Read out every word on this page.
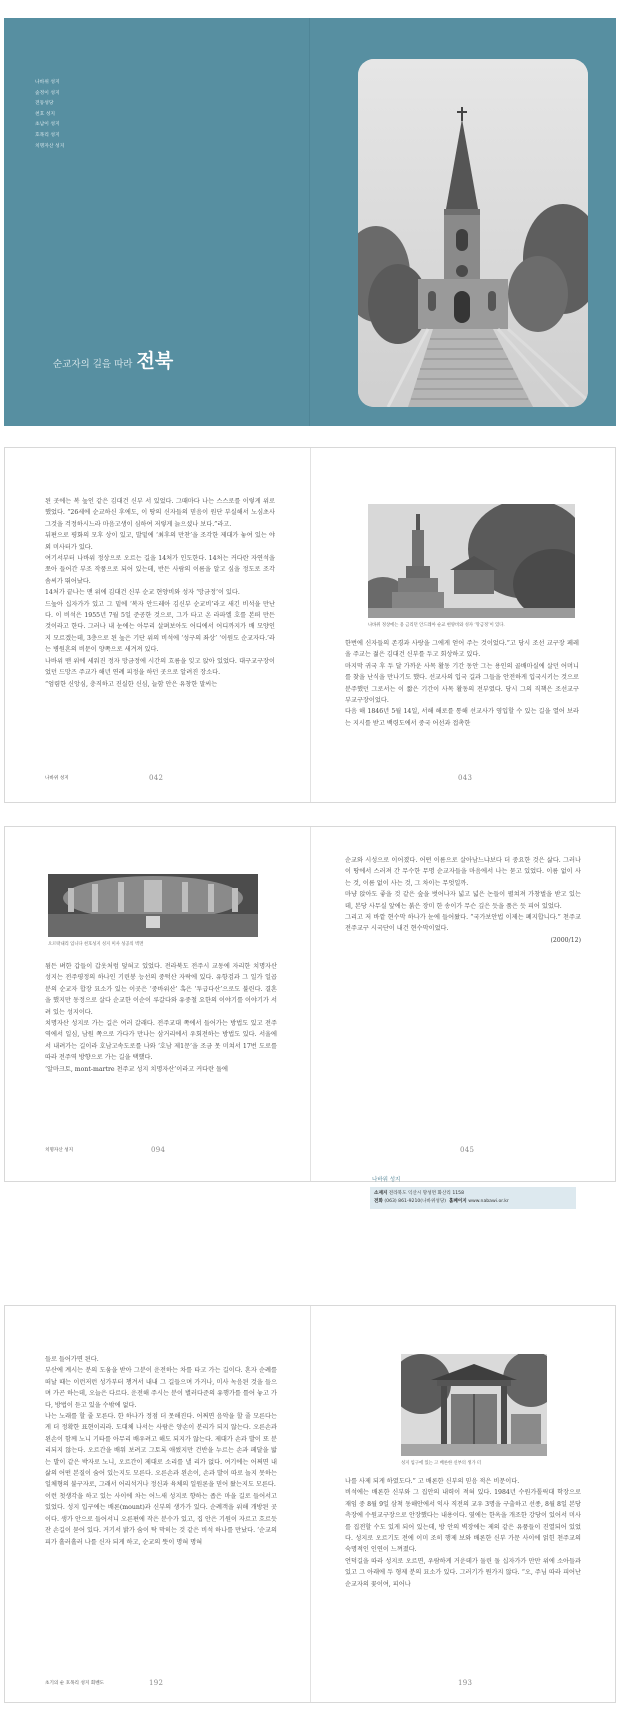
나바위 성지
숲정이 성지
전동성당
천호 성지
초남이 성지
호목리 성지
치명자산 성지
순교자의 길을 따라 전북

된 곳에는 복 높인 같은 김대건 신부 서 있었다. 그때마다 나는 스스로를 이렇게 위로했었다. “26세에 순교하신 후에도, 이 땅의 신자들의 믿음이 원단 부실해서 노심초사 그것을 걱정하시느라 마음고생이 심하여 저렇게 늙으셨나 보다.”라고.

뒤편으로 평화의 모후 상이 있고, 발밑에 ‘최후의 만찬’을 조각한 제대가 놓여 있는 야외 미사터가 있다.

여기서부터 나바위 정상으로 오르는 길을 14처가 인도한다. 14처는 커다란 자연석을 쪼아 들어간 부조 작품으로 되어 있는데, 반든 사람의 이름을 알고 싶을 정도로 조각 솜씨가 뛰어났다.

14처가 끝나는 맨 위에 김대건 신부 순교 현양비와 성자 ‘망금정’이 있다.

드높아 십자가가 있고 그 밑에 ‘복자 안드레아 김신부 순교비’라고 새긴 비석을 만난다. 이 비석은 1955년 7월 5일 준공한 것으로, 그가 타고 온 라파엘 호를 본떠 만든 것이라고 한다. 그러나 내 눈에는 아무리 살펴보아도 어디에서 어디까지가 배 모양인지 모르겠는데, 3층으로 된 높은 기단 위의 비석에 ‘성구의 좌상’ ‘이원도 순교자다.’라는 병원흔의 비문이 양쪽으로 새겨져 있다.

나바위 맨 위에 세워진 정자 망금정에 시간의 흐름을 잊고 앉아 있었다. 대구교구장이었던 드망즈 주교가 해년 연례 피정을 하던 곳으로 알려진 장소다.

“엄렴한 신앙심, 충직하고 진실한 신심, 늘함 안은 유창한 말씨는

나바위 성지	042
나바위 정상에는 용 금리던 안드레아 순교 현양비와 성자 ‘망금정’이 있다.

한번에 신자들의 존경과 사랑을 그에게 얻어 주는 것이었다.”고 당시 조선 교구장 페레올 주교는 젊은 김대건 신부를 두고 회상하고 있다.

마지막 귀국 후 두 달 가까운 사목 활동 기간 동안 그는 용인의 골배마실에 살던 어머니를 찾을 난식을 만나기도 했다. 선교사의 입국 길과 그들을 안전하게 입국시키는 것으로 분주했던 그로서는 이 짧은 기간이 사목 활동의 전부였다. 당시 그의 직책은 조선교구 부교구장이었다.

다음 해 1846년 5월 14일, 서해 해로를 통해 선교사가 영입할 수 있는 길을 열어 보라는 지시를 받고 백령도에서 중국 어선과 접촉한

043
오르락내리 입니다 천호성지 성지 미사 성공의 벽면

됨든 벼한 갑들이 갑옷처럼 덮혀고 있었다. 전라북도 전주시 교동에 자리한 치명자산 성지는 전주평정의 하나인 기린봉 능선의 중턱산 자락에 있다. 유항검과 그 일가 일곱 분의 순교자 합장 묘소가 있는 이곳은 ‘중바위산’ 혹은 ‘투급다산’으로도 불린다. 결혼을 했지만 동정으로 살다 순교한 이순이 루갈다와 유중철 요한의 이야기를 이야기가 서려 있는 성지이다.

치명자산 성지로 가는 길은 여러 갈래다. 전주교대 쪽에서 들어가는 방법도 있고 전주역에서 일심, 남원 쪽으로 가다가 만나는 삼거리에서 우회전하는 방법도 있다. 서울에서 내려가는 길이라 호남고속도로를 나와 ‘호남 제1문’을 조금 못 미쳐서 17번 도로를 따라 전주역 방향으로 가는 길을 택했다.

‘알마크토, mont-martre 천주교 성지 치명자산’이라고 커다란 돌에

치명자산 성지	094

순교와 시성으로 이어졌다. 어떤 이름으로 살아남느냐보다 더 중요한 것은 삶다. 그러나 이 땅에서 스러져 간 무수한 무명 순교자들을 마음에서 나는 묻고 있었다. 이름 없이 사는 것, 이름 없이 사는 것, 그 차이는 무엇일까.

마냥 앉아도 좋을 것 같은 숲을 벗어나자 넓고 넓은 논들이 펼쳐져 가창벌을 받고 있는데, 본당 사무실 앞에는 붉은 장미 한 송이가 무슨 깊은 듯을 품은 듯 피어 있었다.

그리고 저 바깥 현수막 하나가 눈에 들어왔다. “국가보안법 이제는 폐지합니다.” 천주교 전주교구 시국단이 내건 현수막이었다.

(2000/12)

045
나바위 성지
소재지 전라북도 익산시 망성면 화산리 1158
전화 (063) 861-9210(나바위성당) 홈페이지 www.nabawi.or.kr

들로 들어가면 된다.

부산에 계시는 분의 도움을 받아 그분이 운전하는 차를 타고 가는 길이다. 혼자 순례를 떠날 때는 이런저런 성가부터 챙겨서 내내 그 길들으며 가거나, 미사 녹음된 것을 들으며 가곤 하는데, 오늘은 다르다. 운전해 주시는 분이 별러다준의 유행가를 틀어 놓고 가다, 방법이 듣고 있을 수밖에 없다.

나는 노래를 할 줄 모른다. 한 하나가 정점 더 못해진다. 어쩌면 음악을 할 줄 모른다는 게 더 정확한 표현이리라. 도대체 나서는 사람은 양손이 분리가 되지 않는다. 오른손과 왼손이 함께 노니 기타를 아무리 배우려고 해도 되지가 않는다. 제대가 손과 발이 또 분리되지 않는다. 오르간을 배워 보려고 그토록 애썼지만 건반을 누르는 손과 페달을 밟는 발이 같은 박자로 노니, 오르간이 제대로 소리를 낼 리가 없다. 여기에는 어쩌면 내 삶의 어떤 본질이 숨어 있는지도 모른다. 오른손과 왼손이, 손과 발이 따로 놀지 못하는 일체형의 불구자로, 그래서 어리석거나 정신과 육체의 일원론을 믿어 왔는지도 모른다.

이런 첫생각을 하고 있는 사이에 차는 어느새 성지로 향하는 좁은 마을 길로 들어서고 있었다. 성지 입구에는 배론(mount)과 신부의 생가가 있다. 순례객을 위해 개방된 곳이다. 생가 안으로 들어서니 오른편에 작은 분수가 있고, 집 안은 기원이 자르고 흐르듯 잔 손길이 묻어 있다. 거기서 밝가 숨이 탁 막히는 것 같은 비석 하나를 만났다. ‘순교의 피가 흘러흘러 나를 신자 되게 하고, 순교의 뜻이 명혀 명혀

초기의 순 호목리 성지 회벤도	192
성지 입구에 있는 고 배론한 신부의 생가 터

나를 사제 되게 하였도다.” 고 배론한 신부의 믿음 적은 비문이다.

비석에는 배론한 신부와 그 집안의 내력이 적혀 있다. 1984년 수원가톨릭대 학장으로 재임 중 8월 9일 삼척 동해안에서 익사 직전의 교우 3명을 구출하고 선종, 8월 8일 본당 측장에 수원교구장으로 안장했다는 내용이다. 옆에는 한옥을 개조한 강당이 있어서 미사를 집전할 수도 있게 되어 있는데, 방 안의 벽장에는 제의 같은 유품들이 진열되어 있었다. 성지로 오르기도 전에 이미 조히 행제 보와 배론한 신부 가문 사이에 얽힌 천주교의 숙명적인 인연이 느껴졌다.

언덕길을 따라 성지로 오르면, 우람하게 거운데가 둘린 돌 십자가가 만만 위에 소아들과 있고 그 아래에 두 형제 분의 묘소가 있다. 그러기가 뭔가지 않다. “오, 주님 따라 피어난 순교자의 꽃이여, 피어나

193
